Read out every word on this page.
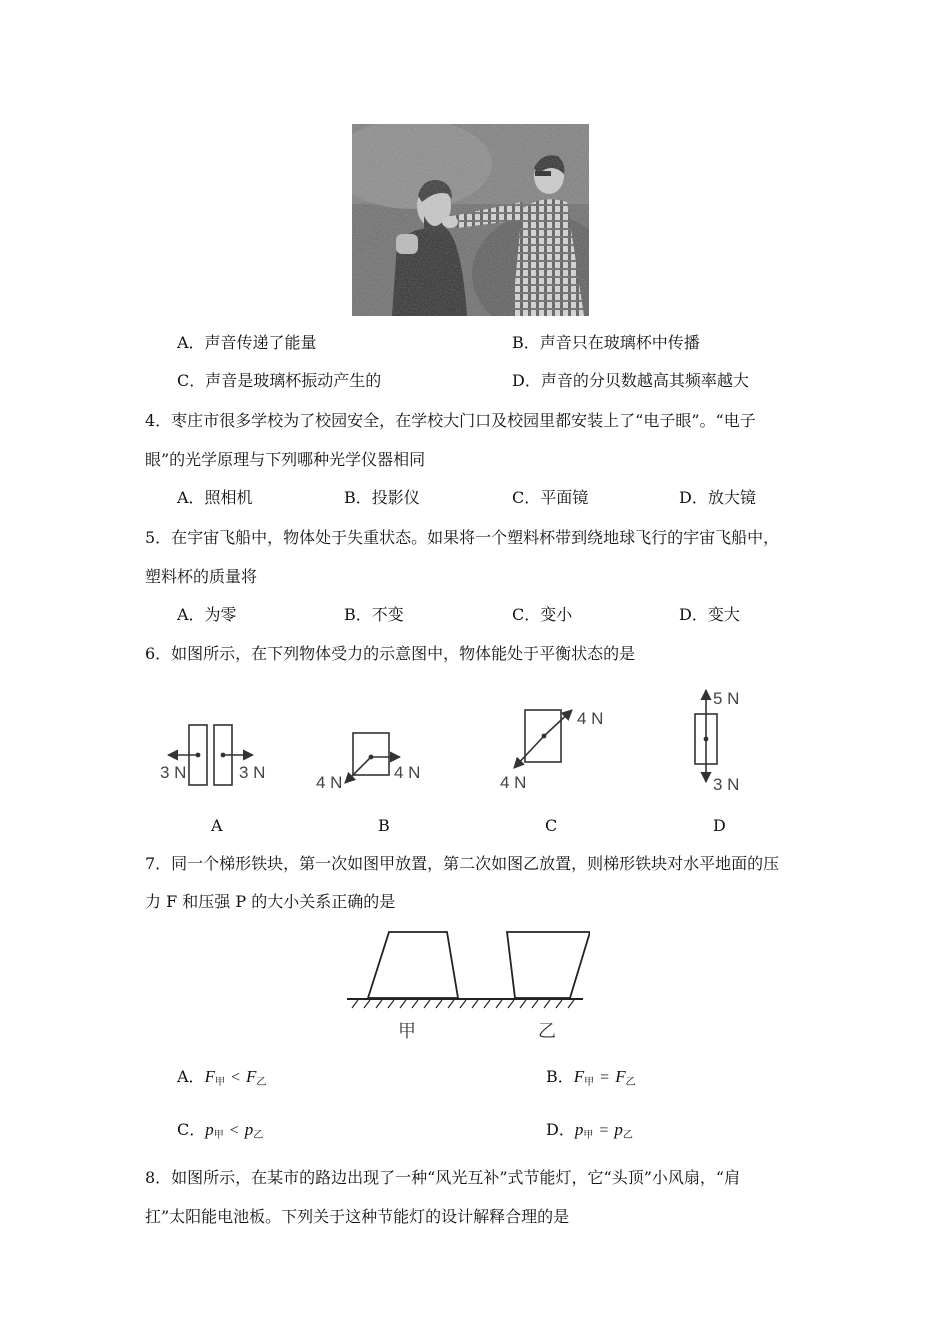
A．声音传递了能量	B．声音只在玻璃杯中传播
C．声音是玻璃杯振动产生的	D．声音的分贝数越高其频率越大
4．枣庄市很多学校为了校园安全，在学校大门口及校园里都安装上了“电子眼”。“电子
眼”的光学原理与下列哪种光学仪器相同
A．照相机	B．投影仪	C．平面镜	D．放大镜
5．在宇宙飞船中，物体处于失重状态。如果将一个塑料杯带到绕地球飞行的宇宙飞船中，
塑料杯的质量将
A．为零	B．不变	C．变小	D．变大
6．如图所示，在下列物体受力的示意图中，物体能处于平衡状态的是
3 N	3 N
4 N
4 N
4 N
4 N
5 N
3 N
A	B	C	D
7．同一个梯形铁块，第一次如图甲放置，第二次如图乙放置，则梯形铁块对水平地面的压
力 F 和压强 P 的大小关系正确的是
甲	乙
A．$F_甲 < F_乙$	B．$F_甲 = F_乙$
C．$p_甲 < p_乙$	D．$p_甲 = p_乙$
8．如图所示，在某市的路边出现了一种“风光互补”式节能灯，它“头顶”小风扇，“肩
扛”太阳能电池板。下列关于这种节能灯的设计解释合理的是
